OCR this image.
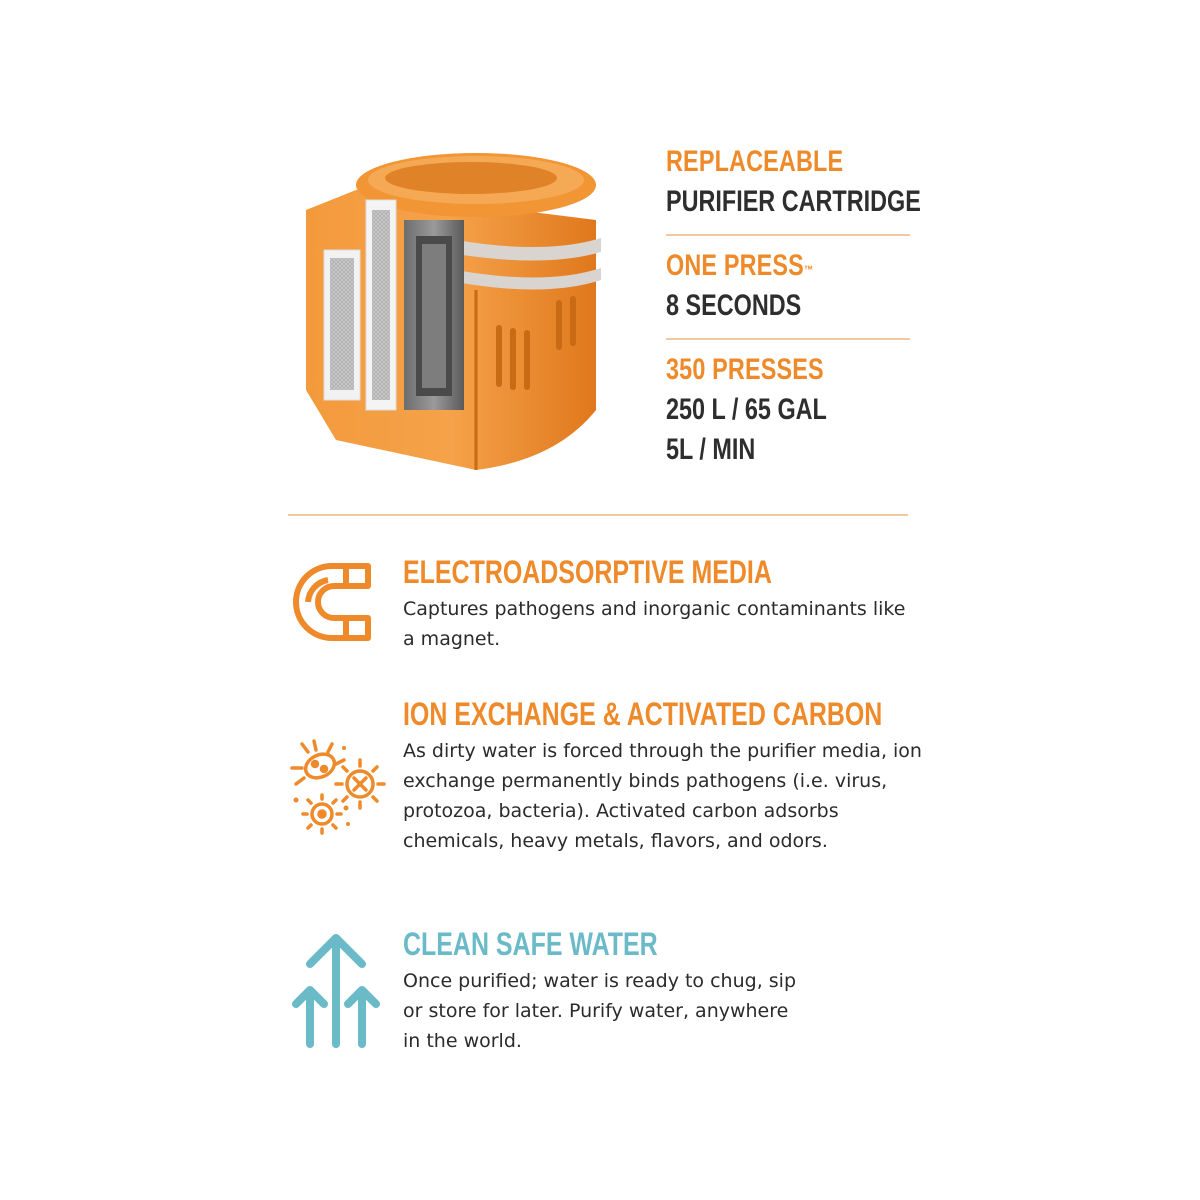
REPLACEABLE
PURIFIER CARTRIDGE
ONE PRESS™
8 SECONDS
350 PRESSES
250 L / 65 GAL
5L / MIN
ELECTROADSORPTIVE MEDIA
Captures pathogens and inorganic contaminants like a magnet.
ION EXCHANGE & ACTIVATED CARBON
As dirty water is forced through the purifier media, ion exchange permanently binds pathogens (i.e. virus, protozoa, bacteria). Activated carbon adsorbs chemicals, heavy metals, flavors, and odors.
CLEAN SAFE WATER
Once purified; water is ready to chug, sip or store for later. Purify water, anywhere in the world.
